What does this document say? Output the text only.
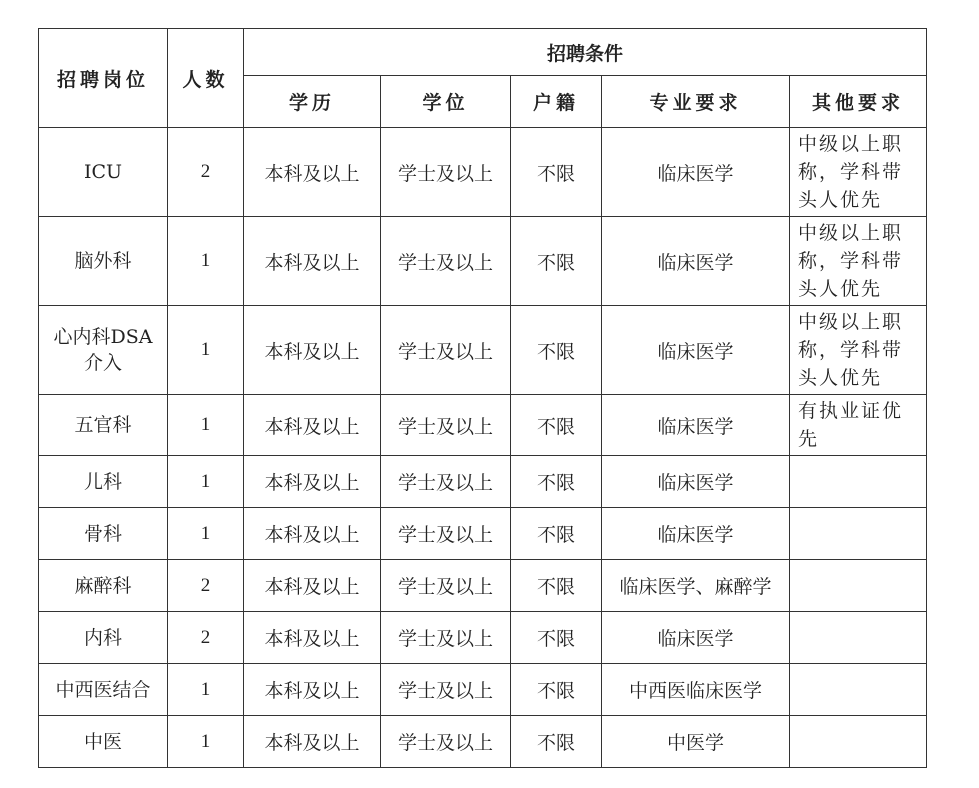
招聘岗位	人数	招聘条件				
		学历	学位	户籍	专业要求	其他要求
ICU	2	本科及以上	学士及以上	不限	临床医学	中级以上职称，学科带头人优先
脑外科	1	本科及以上	学士及以上	不限	临床医学	中级以上职称，学科带头人优先
心内科DSA介入	1	本科及以上	学士及以上	不限	临床医学	中级以上职称，学科带头人优先
五官科	1	本科及以上	学士及以上	不限	临床医学	有执业证优先
儿科	1	本科及以上	学士及以上	不限	临床医学	
骨科	1	本科及以上	学士及以上	不限	临床医学	
麻醉科	2	本科及以上	学士及以上	不限	临床医学、麻醉学	
内科	2	本科及以上	学士及以上	不限	临床医学	
中西医结合	1	本科及以上	学士及以上	不限	中西医临床医学	
中医	1	本科及以上	学士及以上	不限	中医学	
